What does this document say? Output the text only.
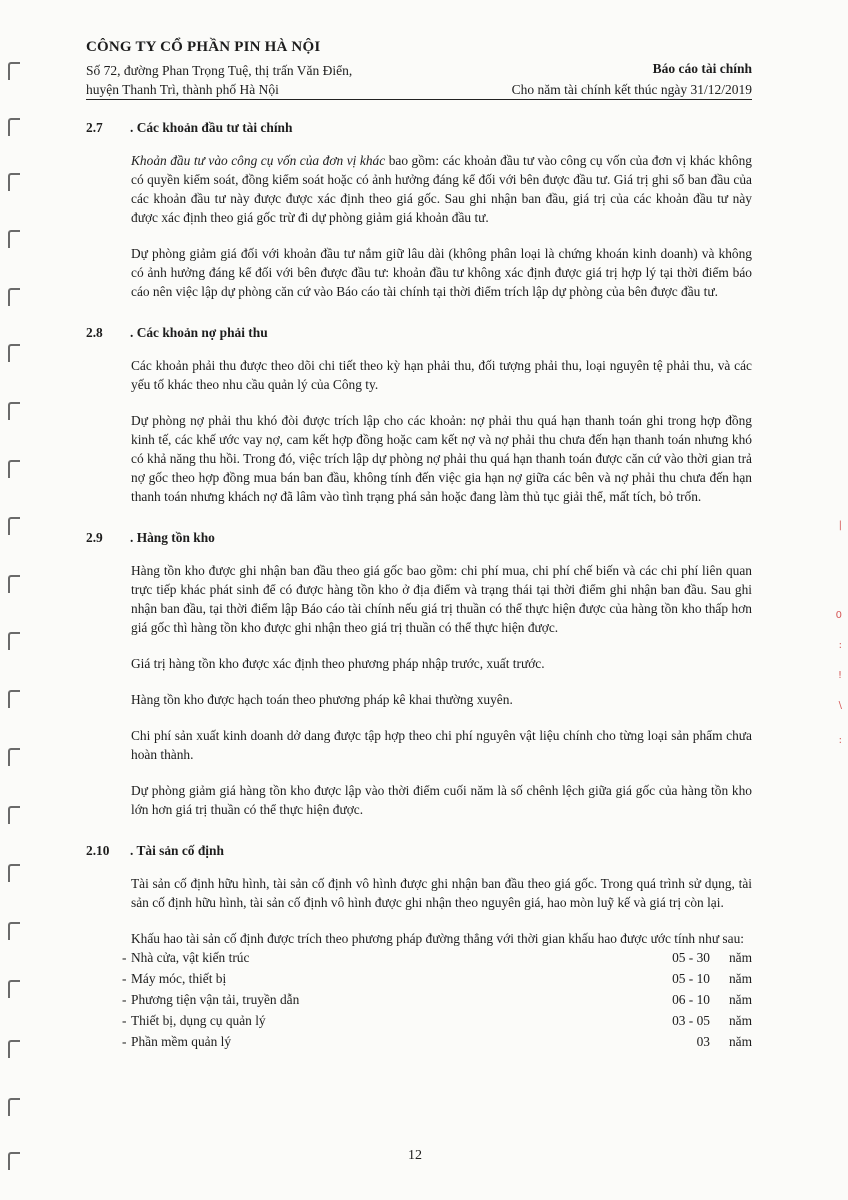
CÔNG TY CỔ PHẦN PIN HÀ NỘI
Số 72, đường Phan Trọng Tuệ, thị trấn Văn Điển,
huyện Thanh Trì, thành phố Hà Nội
Báo cáo tài chính
Cho năm tài chính kết thúc ngày 31/12/2019
2.7	. Các khoản đầu tư tài chính

Khoản đầu tư vào công cụ vốn của đơn vị khác bao gồm: các khoản đầu tư vào công cụ vốn của đơn vị khác không có quyền kiểm soát, đồng kiểm soát hoặc có ảnh hưởng đáng kể đối với bên được đầu tư. Giá trị ghi sổ ban đầu của các khoản đầu tư này được được xác định theo giá gốc. Sau ghi nhận ban đầu, giá trị của các khoản đầu tư này được xác định theo giá gốc trừ đi dự phòng giảm giá khoản đầu tư.

Dự phòng giảm giá đối với khoản đầu tư nắm giữ lâu dài (không phân loại là chứng khoán kinh doanh) và không có ảnh hưởng đáng kể đối với bên được đầu tư: khoản đầu tư không xác định được giá trị hợp lý tại thời điểm báo cáo nên việc lập dự phòng căn cứ vào Báo cáo tài chính tại thời điểm trích lập dự phòng của bên được đầu tư.

2.8	. Các khoản nợ phải thu

Các khoản phải thu được theo dõi chi tiết theo kỳ hạn phải thu, đối tượng phải thu, loại nguyên tệ phải thu, và các yếu tố khác theo nhu cầu quản lý của Công ty.

Dự phòng nợ phải thu khó đòi được trích lập cho các khoản: nợ phải thu quá hạn thanh toán ghi trong hợp đồng kinh tế, các khế ước vay nợ, cam kết hợp đồng hoặc cam kết nợ và nợ phải thu chưa đến hạn thanh toán nhưng khó có khả năng thu hồi. Trong đó, việc trích lập dự phòng nợ phải thu quá hạn thanh toán được căn cứ vào thời gian trả nợ gốc theo hợp đồng mua bán ban đầu, không tính đến việc gia hạn nợ giữa các bên và nợ phải thu chưa đến hạn thanh toán nhưng khách nợ đã lâm vào tình trạng phá sản hoặc đang làm thủ tục giải thể, mất tích, bỏ trốn.

2.9	. Hàng tồn kho

Hàng tồn kho được ghi nhận ban đầu theo giá gốc bao gồm: chi phí mua, chi phí chế biến và các chi phí liên quan trực tiếp khác phát sinh để có được hàng tồn kho ở địa điểm và trạng thái tại thời điểm ghi nhận ban đầu. Sau ghi nhận ban đầu, tại thời điểm lập Báo cáo tài chính nếu giá trị thuần có thể thực hiện được của hàng tồn kho thấp hơn giá gốc thì hàng tồn kho được ghi nhận theo giá trị thuần có thể thực hiện được.

Giá trị hàng tồn kho được xác định theo phương pháp nhập trước, xuất trước.

Hàng tồn kho được hạch toán theo phương pháp kê khai thường xuyên.

Chi phí sản xuất kinh doanh dở dang được tập hợp theo chi phí nguyên vật liệu chính cho từng loại sản phẩm chưa hoàn thành.

Dự phòng giảm giá hàng tồn kho được lập vào thời điểm cuối năm là số chênh lệch giữa giá gốc của hàng tồn kho lớn hơn giá trị thuần có thể thực hiện được.

2.10	. Tài sản cố định

Tài sản cố định hữu hình, tài sản cố định vô hình được ghi nhận ban đầu theo giá gốc. Trong quá trình sử dụng, tài sản cố định hữu hình, tài sản cố định vô hình được ghi nhận theo nguyên giá, hao mòn luỹ kế và giá trị còn lại.

Khấu hao tài sản cố định được trích theo phương pháp đường thẳng với thời gian khấu hao được ước tính như sau:

- Nhà cửa, vật kiến trúc	05 - 30	năm
- Máy móc, thiết bị	05 - 10	năm
- Phương tiện vận tải, truyền dẫn	06 - 10	năm
- Thiết bị, dụng cụ quản lý	03 - 05	năm
- Phần mềm quản lý	03	năm
|
0
:
!
\
:
12
